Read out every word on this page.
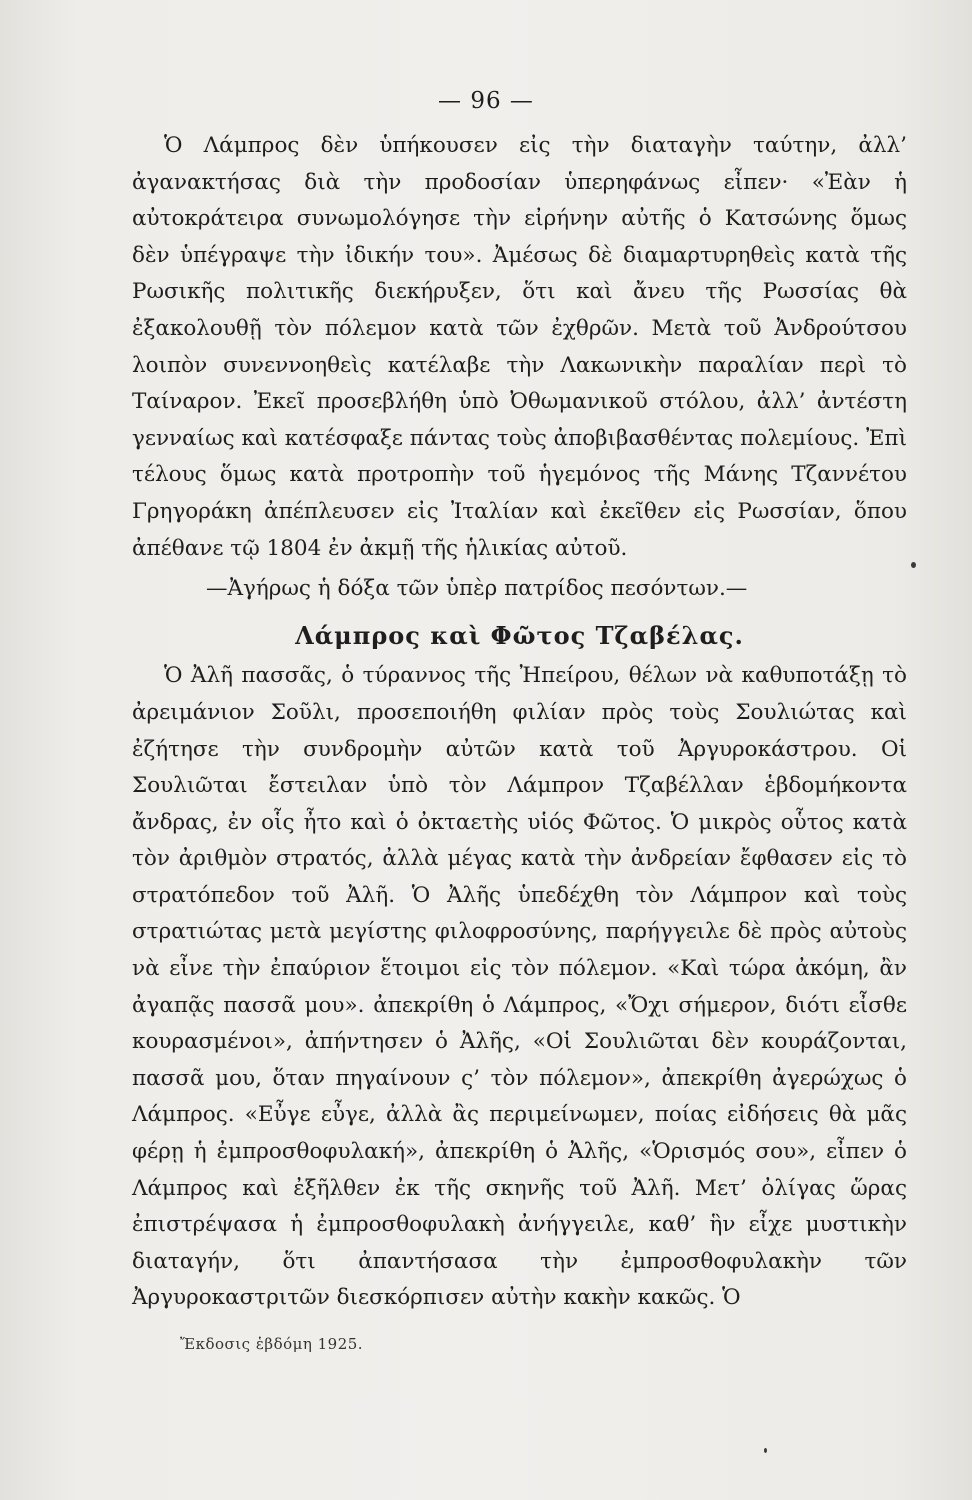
— 96 —

Ὁ Λάμπρος δὲν ὑπήκουσεν εἰς τὴν διαταγὴν ταύτην, ἀλλ’ ἀγανακτήσας διὰ τὴν προδοσίαν ὑπερηφάνως εἶπεν· «Ἐὰν ἡ αὐτοκράτειρα συνωμολόγησε τὴν εἰρήνην αὐτῆς ὁ Κατσώνης ὅμως δὲν ὑπέγραψε τὴν ἰδικήν του». Ἀμέσως δὲ διαμαρτυρηθεὶς κατὰ τῆς Ρωσικῆς πολιτικῆς διεκήρυξεν, ὅτι καὶ ἄνευ τῆς Ρωσσίας θὰ ἐξακολουθῇ τὸν πόλεμον κατὰ τῶν ἐχθρῶν. Μετὰ τοῦ Ἀνδρούτσου λοιπὸν συνεννοηθεὶς κατέλαβε τὴν Λακωνικὴν παραλίαν περὶ τὸ Ταίναρον. Ἐκεῖ προσεβλήθη ὑπὸ Ὀθωμανικοῦ στόλου, ἀλλ’ ἀντέστη γενναίως καὶ κατέσφαξε πάντας τοὺς ἀποβιβασθέντας πολεμίους. Ἐπὶ τέλους ὅμως κατὰ προτροπὴν τοῦ ἡγεμόνος τῆς Μάνης Τζαννέτου Γρηγοράκη ἀπέπλευσεν εἰς Ἰταλίαν καὶ ἐκεῖθεν εἰς Ρωσσίαν, ὅπου ἀπέθανε τῷ 1804 ἐν ἀκμῇ τῆς ἡλικίας αὐτοῦ.

—Ἀγήρως ἡ δόξα τῶν ὑπὲρ πατρίδος πεσόντων.—

Λάμπρος καὶ Φῶτος Τζαβέλας.

Ὁ Ἀλῆ πασσᾶς, ὁ τύραννος τῆς Ἠπείρου, θέλων νὰ καθυποτάξῃ τὸ ἀρειμάνιον Σοῦλι, προσεποιήθη φιλίαν πρὸς τοὺς Σουλιώτας καὶ ἐζήτησε τὴν συνδρομὴν αὐτῶν κατὰ τοῦ Ἀργυροκάστρου. Οἱ Σουλιῶται ἔστειλαν ὑπὸ τὸν Λάμπρον Τζαβέλλαν ἑβδομήκοντα ἄνδρας, ἐν οἷς ἦτο καὶ ὁ ὀκταετὴς υἱός Φῶτος. Ὁ μικρὸς οὗτος κατὰ τὸν ἀριθμὸν στρατός, ἀλλὰ μέγας κατὰ τὴν ἀνδρείαν ἔφθασεν εἰς τὸ στρατόπεδον τοῦ Ἀλῆ. Ὁ Ἀλῆς ὑπεδέχθη τὸν Λάμπρον καὶ τοὺς στρατιώτας μετὰ μεγίστης φιλοφροσύνης, παρήγγειλε δὲ πρὸς αὐτοὺς νὰ εἶνε τὴν ἐπαύριον ἕτοιμοι εἰς τὸν πόλεμον. «Καὶ τώρα ἀκόμη, ἂν ἀγαπᾷς πασσᾶ μου». ἀπεκρίθη ὁ Λάμπρος, «Ὄχι σήμερον, διότι εἶσθε κουρασμένοι», ἀπήντησεν ὁ Ἀλῆς, «Οἱ Σουλιῶται δὲν κουράζονται, πασσᾶ μου, ὅταν πηγαίνουν ς’ τὸν πόλεμον», ἀπεκρίθη ἀγερώχως ὁ Λάμπρος. «Εὖγε εὖγε, ἀλλὰ ἂς περιμείνωμεν, ποίας εἰδήσεις θὰ μᾶς φέρῃ ἡ ἐμπροσθοφυλακή», ἀπεκρίθη ὁ Ἀλῆς, «Ὁρισμός σου», εἶπεν ὁ Λάμπρος καὶ ἐξῆλθεν ἐκ τῆς σκηνῆς τοῦ Ἀλῆ. Μετ’ ὀλίγας ὥρας ἐπιστρέψασα ἡ ἐμπροσθοφυλακὴ ἀνήγγειλε, καθ’ ἣν εἶχε μυστικὴν διαταγήν, ὅτι ἀπαντήσασα τὴν ἐμπροσθοφυλακὴν τῶν Ἀργυροκαστριτῶν διεσκόρπισεν αὐτὴν κακὴν κακῶς. Ὁ

Ἔκδοσις ἑβδόμη 1925.
